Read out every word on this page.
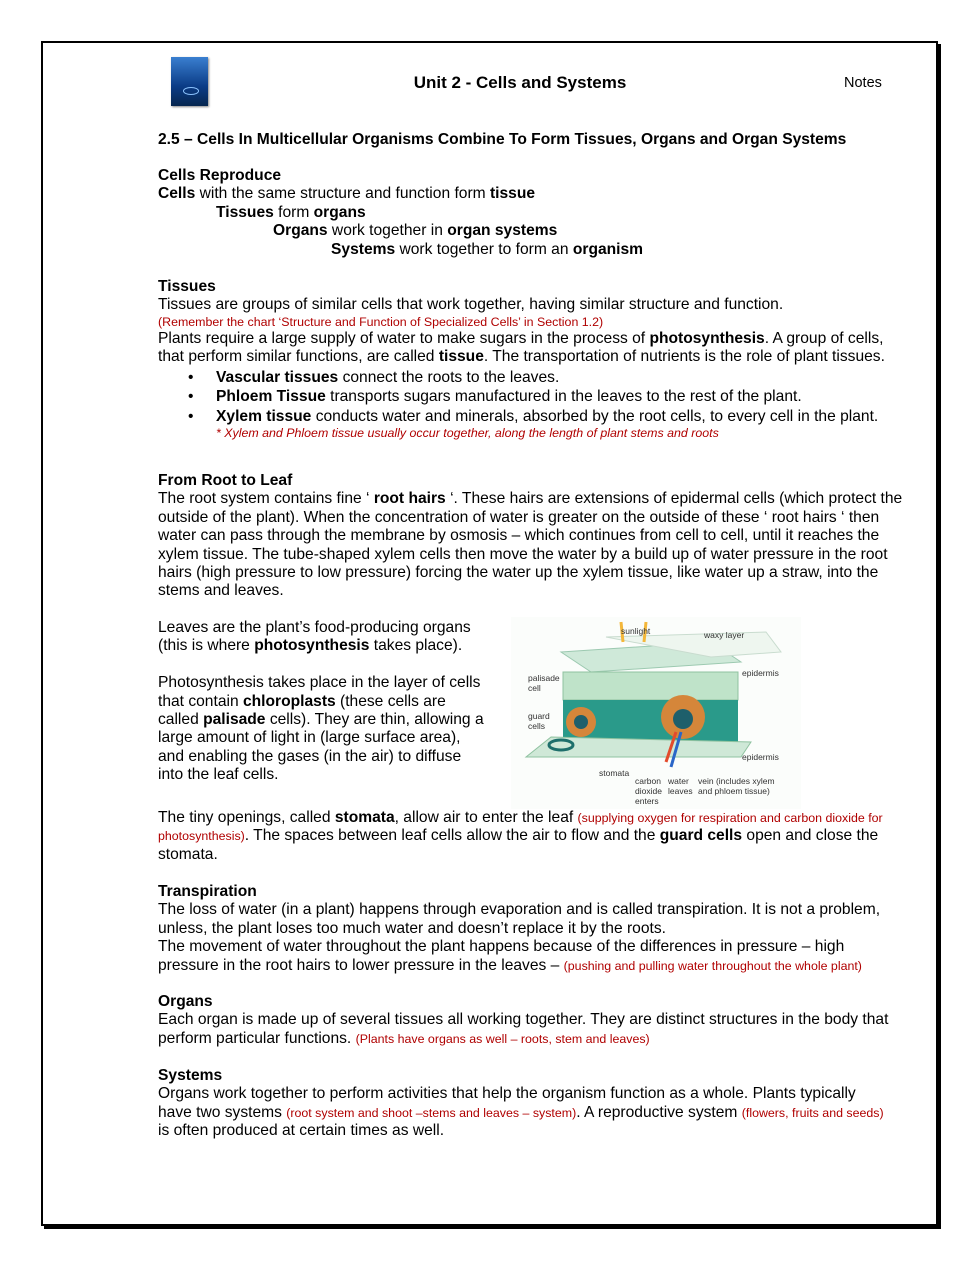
Unit 2 - Cells and Systems	Notes
2.5 – Cells In Multicellular Organisms Combine To Form Tissues, Organs and Organ Systems
Cells Reproduce
Cells with the same structure and function form tissue
Tissues form organs
Organs work together in organ systems
Systems work together to form an organism
Tissues
Tissues are groups of similar cells that work together, having similar structure and function.
(Remember the chart ‘Structure and Function of Specialized Cells’ in Section 1.2)
Plants require a large supply of water to make sugars in the process of photosynthesis. A group of cells, that perform similar functions, are called tissue. The transportation of nutrients is the role of plant tissues.
• Vascular tissues connect the roots to the leaves.
• Phloem Tissue transports sugars manufactured in the leaves to the rest of the plant.
• Xylem tissue conducts water and minerals, absorbed by the root cells, to every cell in the plant.
* Xylem and Phloem tissue usually occur together, along the length of plant stems and roots
From Root to Leaf
The root system contains fine ‘ root hairs ‘. These hairs are extensions of epidermal cells (which protect the outside of the plant). When the concentration of water is greater on the outside of these ‘ root hairs ‘ then water can pass through the membrane by osmosis – which continues from cell to cell, until it reaches the xylem tissue. The tube-shaped xylem cells then move the water by a build up of water pressure in the root hairs (high pressure to low pressure) forcing the water up the xylem tissue, like water up a straw, into the stems and leaves.
Leaves are the plant’s food-producing organs (this is where photosynthesis takes place).
Photosynthesis takes place in the layer of cells that contain chloroplasts (these cells are called palisade cells). They are thin, allowing a large amount of light in (large surface area), and enabling the gases (in the air) to diffuse into the leaf cells.
sunlight	waxy layer
epidermis
palisade cell
guard cells
epidermis
stomata
carbon dioxide enters
water leaves
vein (includes xylem and phloem tissue)
The tiny openings, called stomata, allow air to enter the leaf (supplying oxygen for respiration and carbon dioxide for photosynthesis). The spaces between leaf cells allow the air to flow and the guard cells open and close the stomata.
Transpiration
The loss of water (in a plant) happens through evaporation and is called transpiration. It is not a problem, unless, the plant loses too much water and doesn’t replace it by the roots.
The movement of water throughout the plant happens because of the differences in pressure – high pressure in the root hairs to lower pressure in the leaves – (pushing and pulling water throughout the whole plant)
Organs
Each organ is made up of several tissues all working together. They are distinct structures in the body that perform particular functions. (Plants have organs as well – roots, stem and leaves)
Systems
Organs work together to perform activities that help the organism function as a whole. Plants typically have two systems (root system and shoot –stems and leaves – system). A reproductive system (flowers, fruits and seeds) is often produced at certain times as well.
